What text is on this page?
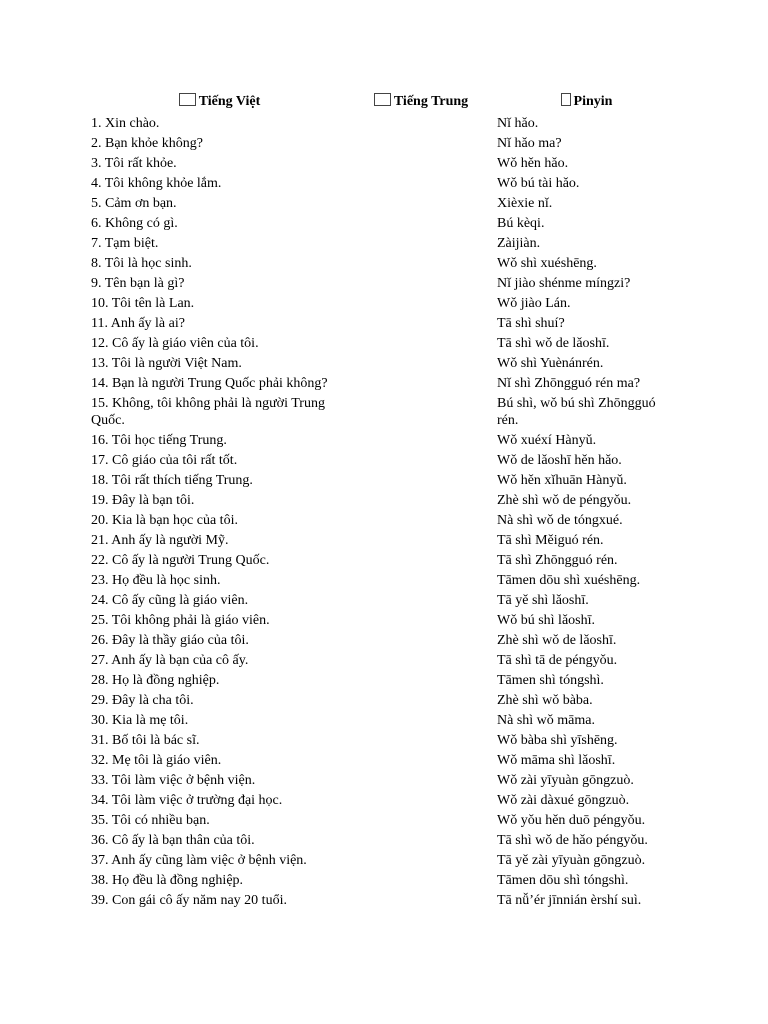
Tiếng Việt	Tiếng Trung	Pinyin
1. Xin chào.		Nǐ hǎo.
2. Bạn khỏe không?		Nǐ hǎo ma?
3. Tôi rất khỏe.		Wǒ hěn hǎo.
4. Tôi không khỏe lắm.		Wǒ bú tài hǎo.
5. Cảm ơn bạn.		Xièxie nǐ.
6. Không có gì.		Bú kèqi.
7. Tạm biệt.		Zàijiàn.
8. Tôi là học sinh.		Wǒ shì xuéshēng.
9. Tên bạn là gì?		Nǐ jiào shénme míngzi?
10. Tôi tên là Lan.		Wǒ jiào Lán.
11. Anh ấy là ai?		Tā shì shuí?
12. Cô ấy là giáo viên của tôi.		Tā shì wǒ de lǎoshī.
13. Tôi là người Việt Nam.		Wǒ shì Yuènánrén.
14. Bạn là người Trung Quốc phải không?		Nǐ shì Zhōngguó rén ma?
15. Không, tôi không phải là người Trung Quốc.		Bú shì, wǒ bú shì Zhōngguó rén.
16. Tôi học tiếng Trung.		Wǒ xuéxí Hànyǔ.
17. Cô giáo của tôi rất tốt.		Wǒ de lǎoshī hěn hǎo.
18. Tôi rất thích tiếng Trung.		Wǒ hěn xǐhuān Hànyǔ.
19. Đây là bạn tôi.		Zhè shì wǒ de péngyǒu.
20. Kia là bạn học của tôi.		Nà shì wǒ de tóngxué.
21. Anh ấy là người Mỹ.		Tā shì Měiguó rén.
22. Cô ấy là người Trung Quốc.		Tā shì Zhōngguó rén.
23. Họ đều là học sinh.		Tāmen dōu shì xuéshēng.
24. Cô ấy cũng là giáo viên.		Tā yě shì lǎoshī.
25. Tôi không phải là giáo viên.		Wǒ bú shì lǎoshī.
26. Đây là thầy giáo của tôi.		Zhè shì wǒ de lǎoshī.
27. Anh ấy là bạn của cô ấy.		Tā shì tā de péngyǒu.
28. Họ là đồng nghiệp.		Tāmen shì tóngshì.
29. Đây là cha tôi.		Zhè shì wǒ bàba.
30. Kia là mẹ tôi.		Nà shì wǒ māma.
31. Bố tôi là bác sĩ.		Wǒ bàba shì yīshēng.
32. Mẹ tôi là giáo viên.		Wǒ māma shì lǎoshī.
33. Tôi làm việc ở bệnh viện.		Wǒ zài yīyuàn gōngzuò.
34. Tôi làm việc ở trường đại học.		Wǒ zài dàxué gōngzuò.
35. Tôi có nhiều bạn.		Wǒ yǒu hěn duō péngyǒu.
36. Cô ấy là bạn thân của tôi.		Tā shì wǒ de hǎo péngyǒu.
37. Anh ấy cũng làm việc ở bệnh viện.		Tā yě zài yīyuàn gōngzuò.
38. Họ đều là đồng nghiệp.		Tāmen dōu shì tóngshì.
39. Con gái cô ấy năm nay 20 tuổi.		Tā nǚ’ér jīnnián èrshí suì.
